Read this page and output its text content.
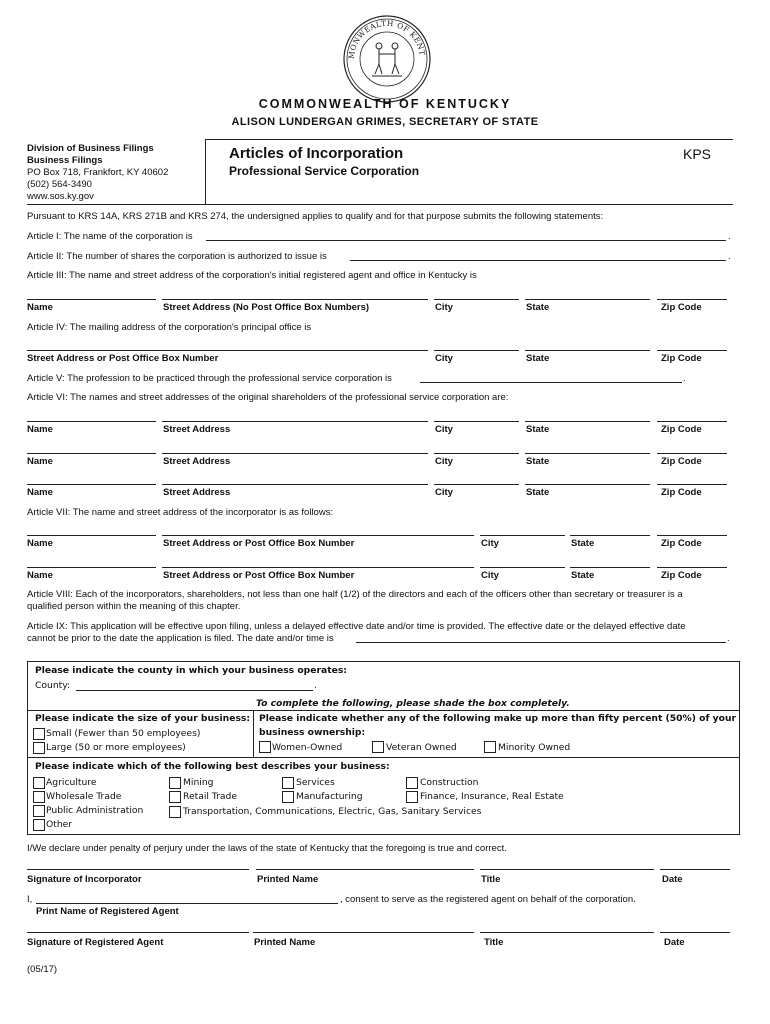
MONWEALTH OF KENT
COMMONWEALTH OF KENTUCKY
ALISON LUNDERGAN GRIMES, SECRETARY OF STATE
Division of Business Filings
Business Filings
PO Box 718, Frankfort, KY 40602
(502) 564-3490
www.sos.ky.gov
Articles of Incorporation
Professional Service Corporation
KPS
Pursuant to KRS 14A, KRS 271B and KRS 274, the undersigned applies to qualify and for that purpose submits the following statements:
Article I: The name of the corporation is	.
Article II: The number of shares the corporation is authorized to issue is	.
Article III: The name and street address of the corporation's initial registered agent and office in Kentucky is
Name	Street Address (No Post Office Box Numbers)	City	State	Zip Code
Article IV: The mailing address of the corporation's principal office is
Street Address or Post Office Box Number	City	State	Zip Code
Article V: The profession to be practiced through the professional service corporation is	.
Article VI: The names and street addresses of the original shareholders of the professional service corporation are:
Name	Street Address	City	State	Zip Code
Name	Street Address	City	State	Zip Code
Name	Street Address	City	State	Zip Code
Article VII: The name and street address of the incorporator is as follows:
Name	Street Address or Post Office Box Number	City	State	Zip Code
Name	Street Address or Post Office Box Number	City	State	Zip Code
Article VIII: Each of the incorporators, shareholders, not less than one half (1/2) of the directors and each of the officers other than secretary or treasurer is a
qualified person within the meaning of this chapter.
Article IX: This application will be effective upon filing, unless a delayed effective date and/or time is provided. The effective date or the delayed effective date
cannot be prior to the date the application is filed. The date and/or time is	.
Please indicate the county in which your business operates:
County:	.
To complete the following, please shade the box completely.
Please indicate the size of your business:
Small (Fewer than 50 employees)
Large (50 or more employees)
Please indicate whether any of the following make up more than fifty percent (50%) of your
business ownership:
Women-Owned	Veteran Owned	Minority Owned
Please indicate which of the following best describes your business:
Agriculture
Wholesale Trade
Public Administration
Other
Mining
Retail Trade
Transportation, Communications, Electric, Gas, Sanitary Services
Services
Manufacturing
Construction
Finance, Insurance, Real Estate
I/We declare under penalty of perjury under the laws of the state of Kentucky that the foregoing is true and correct.
Signature of Incorporator	Printed Name	Title	Date
I,	, consent to serve as the registered agent on behalf of the corporation.
Print Name of Registered Agent
Signature of Registered Agent	Printed Name	Title	Date
(05/17)
